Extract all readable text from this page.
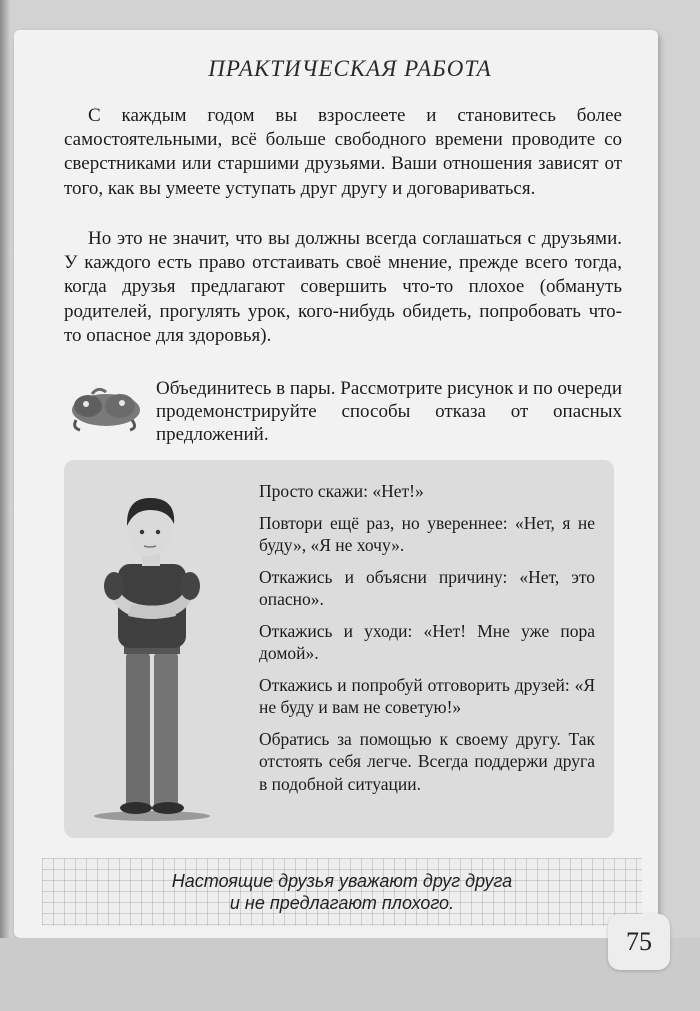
ПРАКТИЧЕСКАЯ РАБОТА

С каждым годом вы взрослеете и становитесь более самостоятельными, всё больше свободного времени проводите со сверстниками или старшими друзьями. Ваши отношения зависят от того, как вы умеете уступать друг другу и договариваться.

Но это не значит, что вы должны всегда соглашаться с друзьями. У каждого есть право отстаивать своё мнение, прежде всего тогда, когда друзья предлагают совершить что-то плохое (обмануть родителей, прогулять урок, кого-нибудь обидеть, попробовать что-то опасное для здоровья).

Объединитесь в пары. Рассмотрите рисунок и по очереди продемонстрируйте способы отказа от опасных предложений.

Просто скажи: «Нет!»

Повтори ещё раз, но увереннее: «Нет, я не буду», «Я не хочу».

Откажись и объясни причину: «Нет, это опасно».

Откажись и уходи: «Нет! Мне уже пора домой».

Откажись и попробуй отговорить друзей: «Я не буду и вам не советую!»

Обратись за помощью к своему другу. Так отстоять себя легче. Всегда поддержи друга в подобной ситуации.

Настоящие друзья уважают друг друга
и не предлагают плохого.
75
